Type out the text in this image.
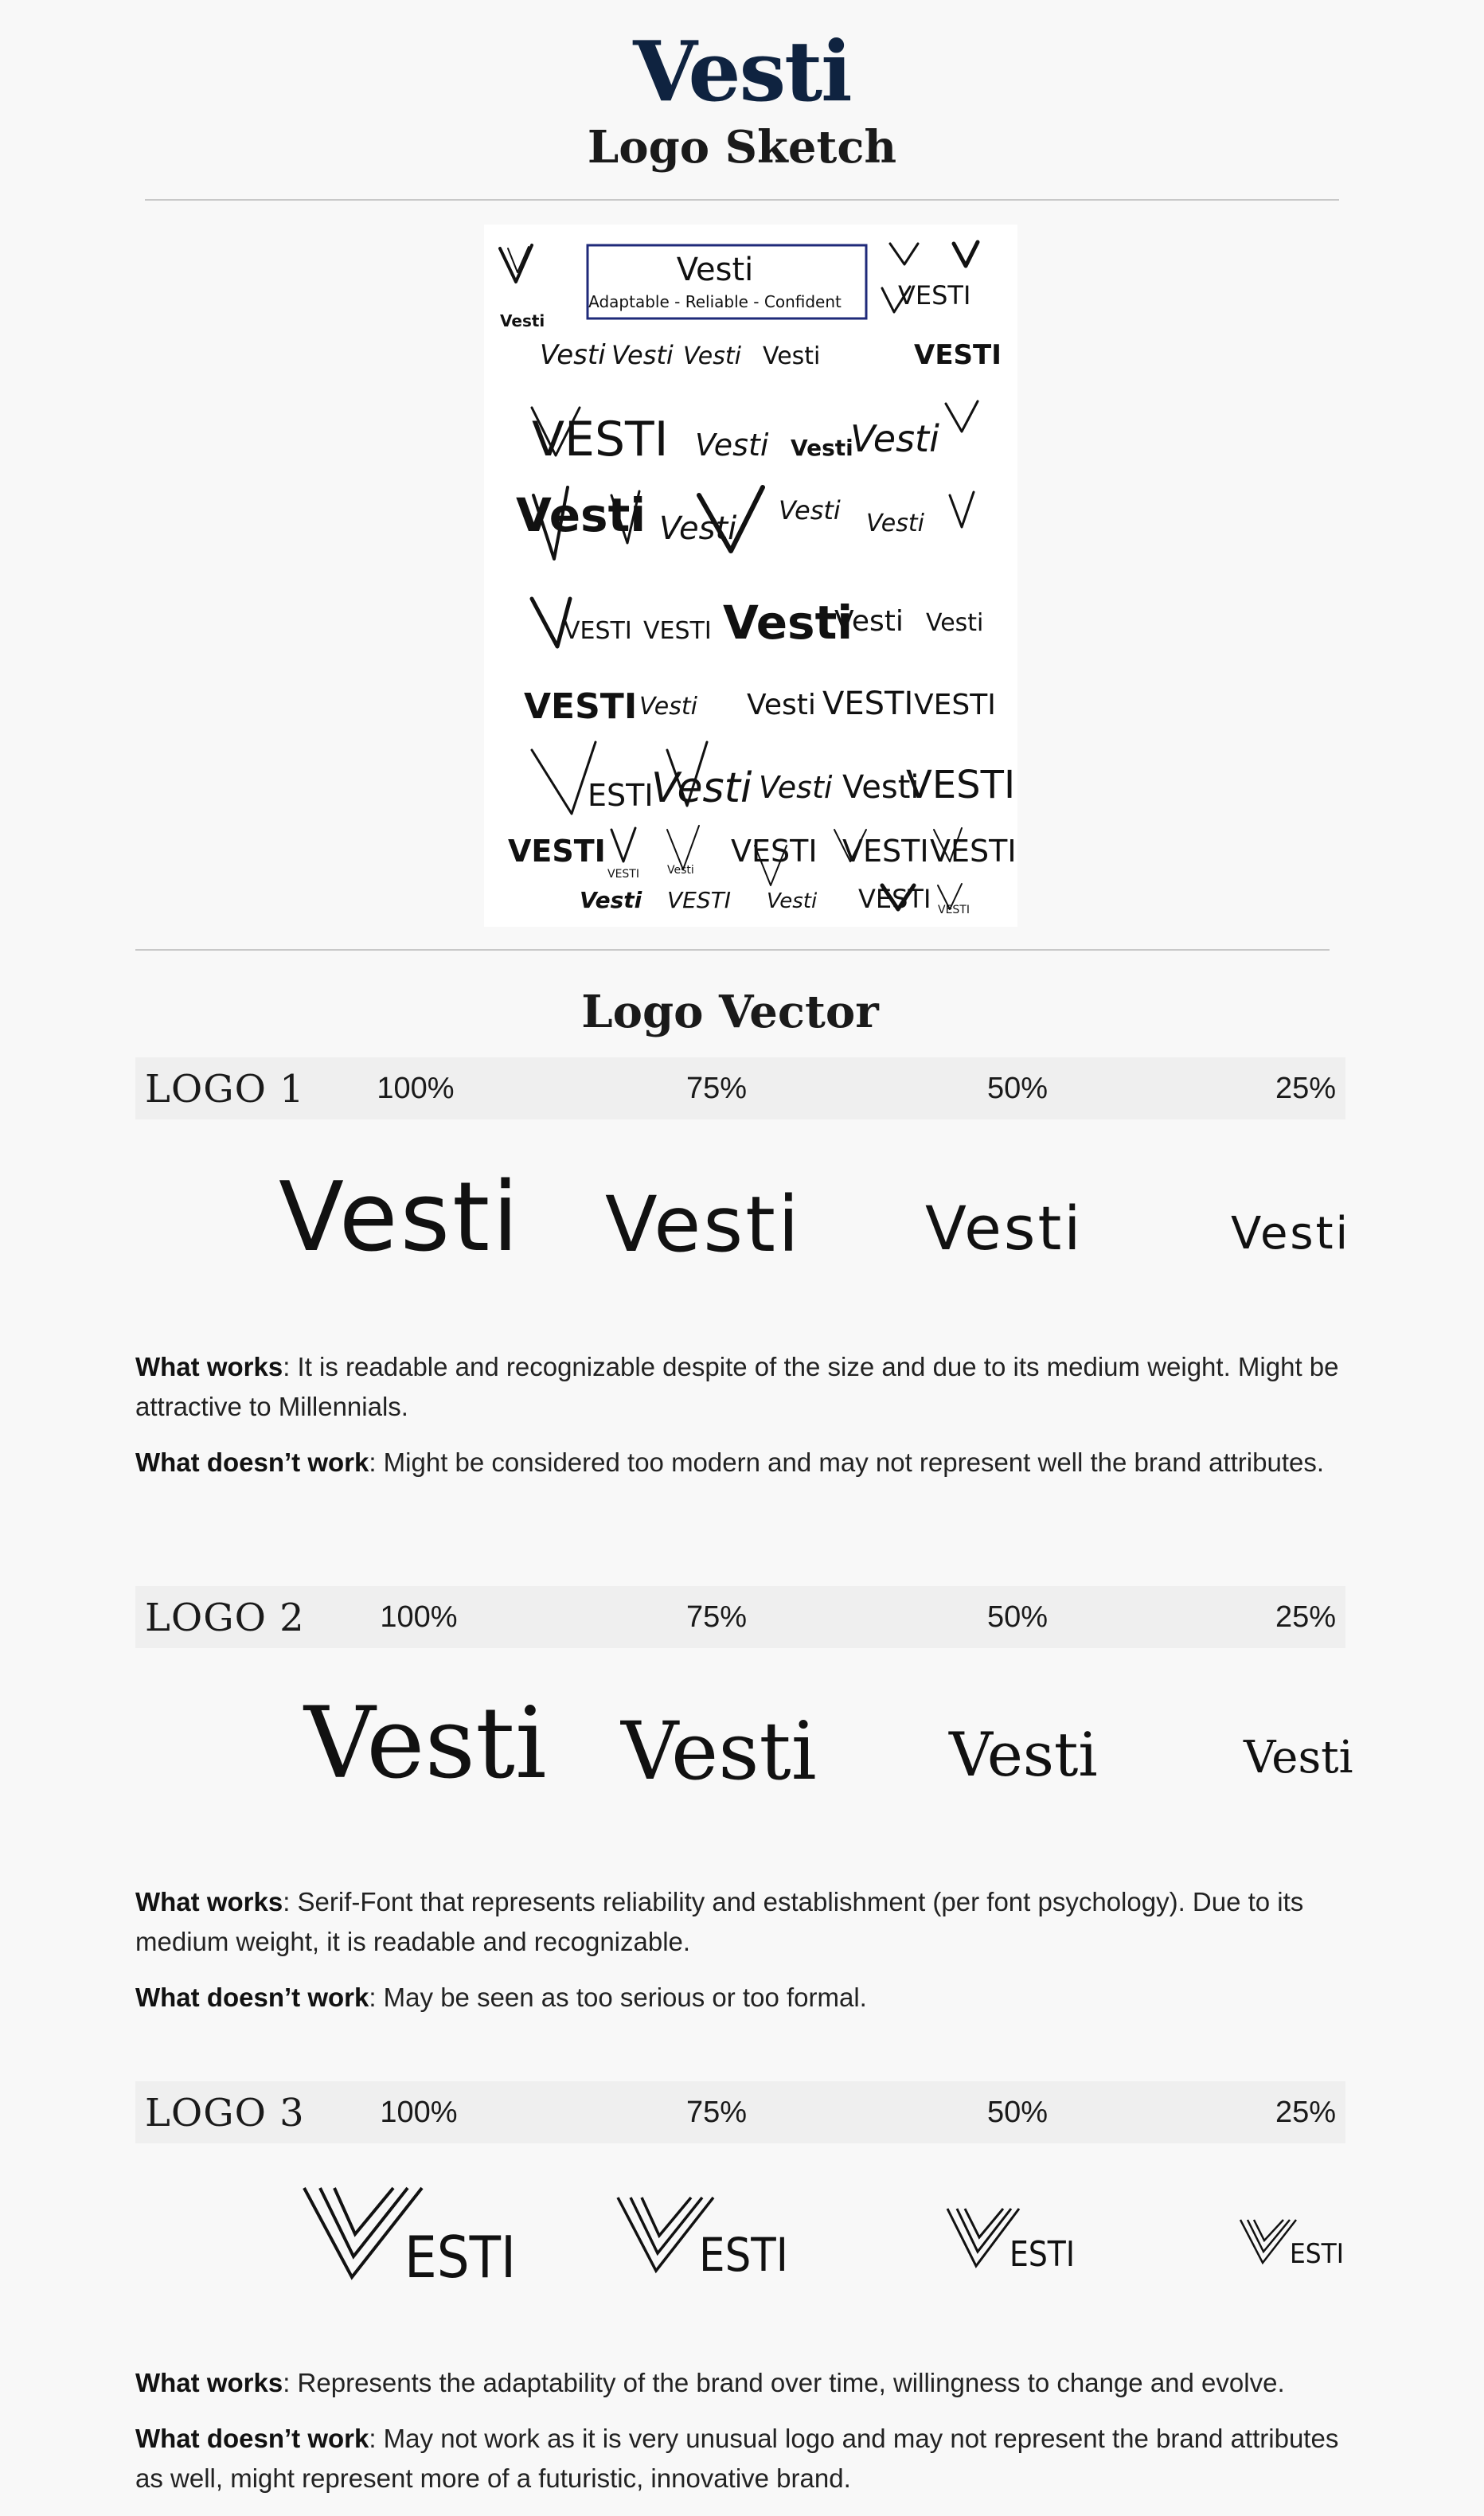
Vesti
Logo Sketch
Vesti
Adaptable - Reliable - Confident
VESTI
Vesti Vesti Vesti Vesti	VESTI
VESTI
Vesti
Vesti Vesti
Vesti
Vesti Vesti Vesti Vesti
VESTI VESTI Vesti
Vesti Vesti
VESTI Vesti Vesti VESTI VESTI
ESTI
Vesti Vesti Vesti
VESTI
VESTI
VESTI	Vesti
VESTI VESTI VESTI
Vesti VESTI Vesti VESTI VESTI
Logo Vector
LOGO 1	100%	75%	50%	25%
Vesti Vesti Vesti	Vesti
What works: It is readable and recognizable despite of the size and due to its medium weight. Might be attractive to Millennials.
What doesn’t work: Might be considered too modern and may not represent well the brand attributes.
LOGO 2	100%	75%	50%	25%
Vesti Vesti Vesti	Vesti
What works: Serif-Font that represents reliability and establishment (per font psychology). Due to its medium weight, it is readable and recognizable.
What doesn’t work: May be seen as too serious or too formal.
LOGO 3	100%	75%	50%	25%
ESTI	ESTI	ESTI	ESTI
What works: Represents the adaptability of the brand over time, willingness to change and evolve.
What doesn’t work: May not work as it is very unusual logo and may not represent the brand attributes as well, might represent more of a futuristic, innovative brand.
